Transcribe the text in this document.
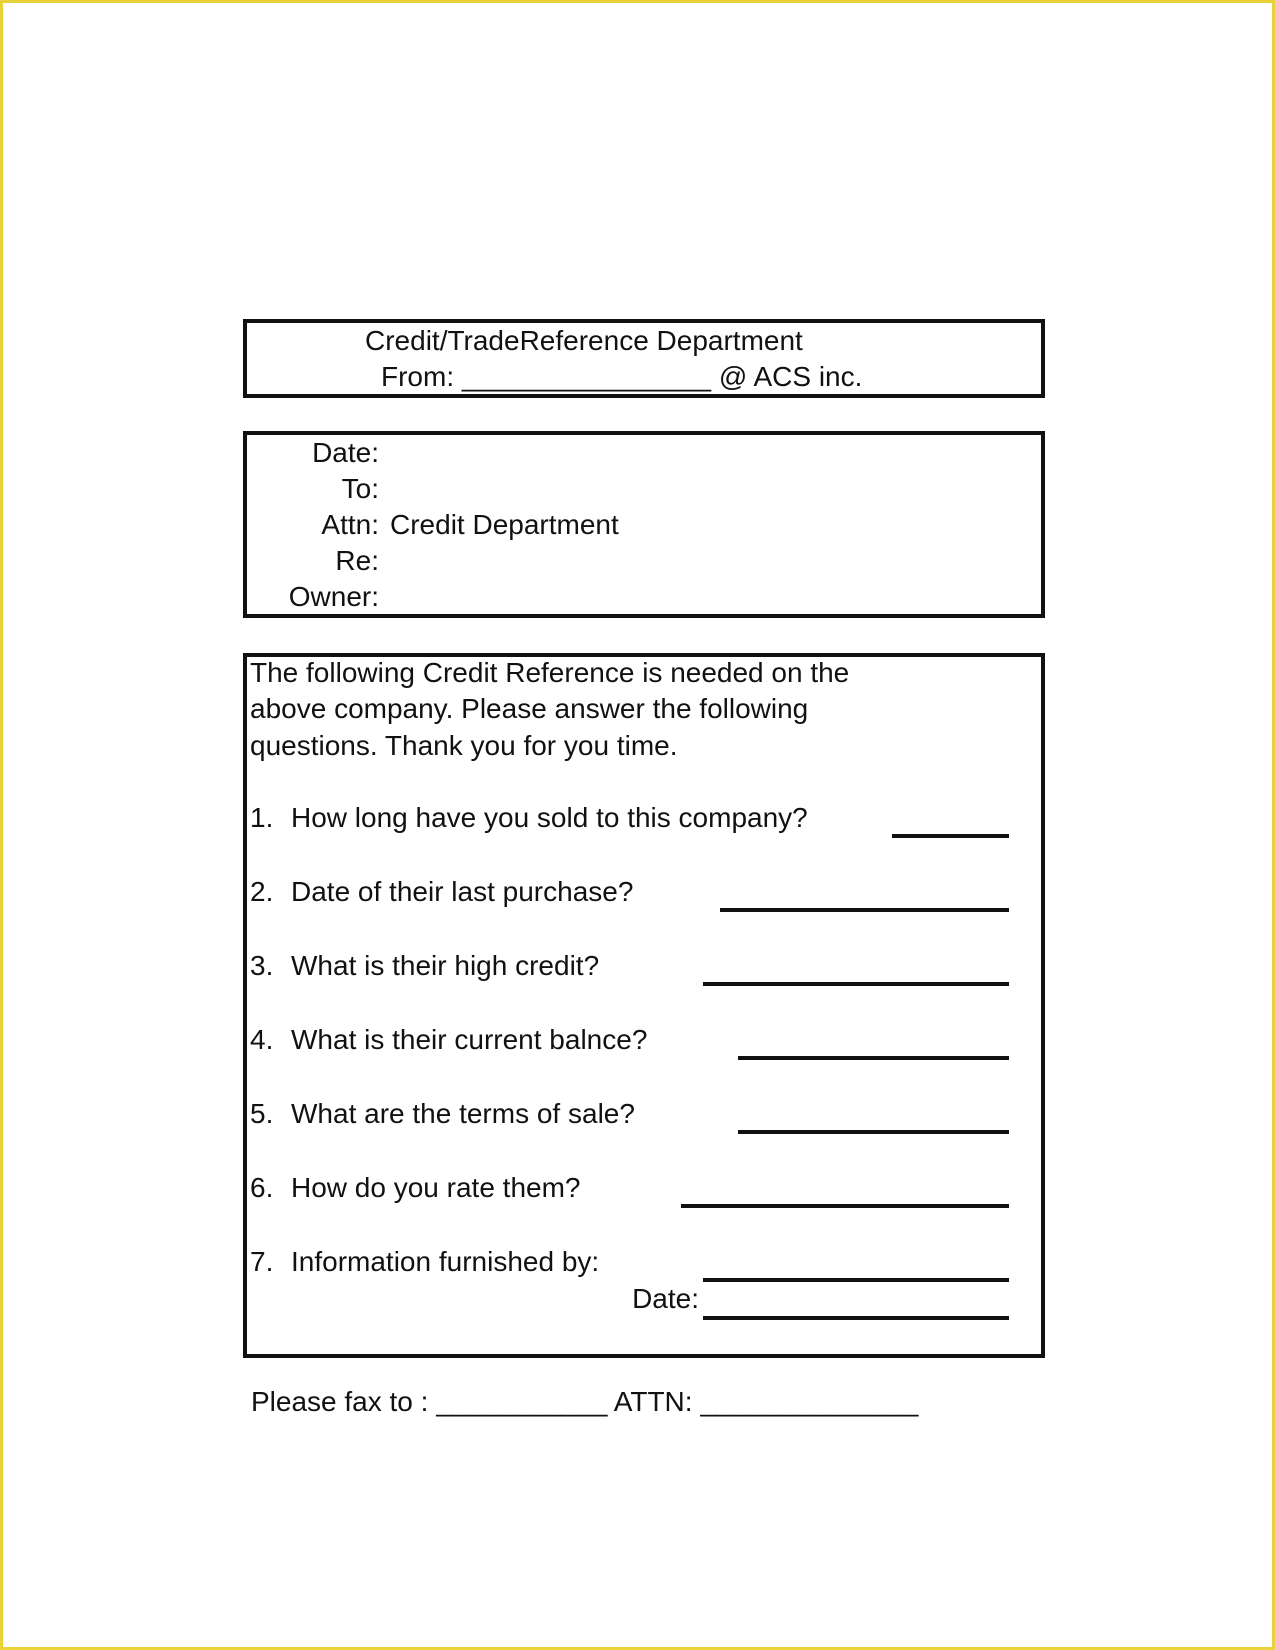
Credit/TradeReference Department
From: ________________ @ ACS inc.
Date:
To:
Attn: Credit Department
Re:
Owner:
The following Credit Reference is needed on the
above company. Please answer the following
questions. Thank you for you time.
1. How long have you sold to this company?
2. Date of their last purchase?
3. What is their high credit?
4. What is their current balnce?
5. What are the terms of sale?
6. How do you rate them?
7. Information furnished by:
Date:
Please fax to : ___________ ATTN: ______________
